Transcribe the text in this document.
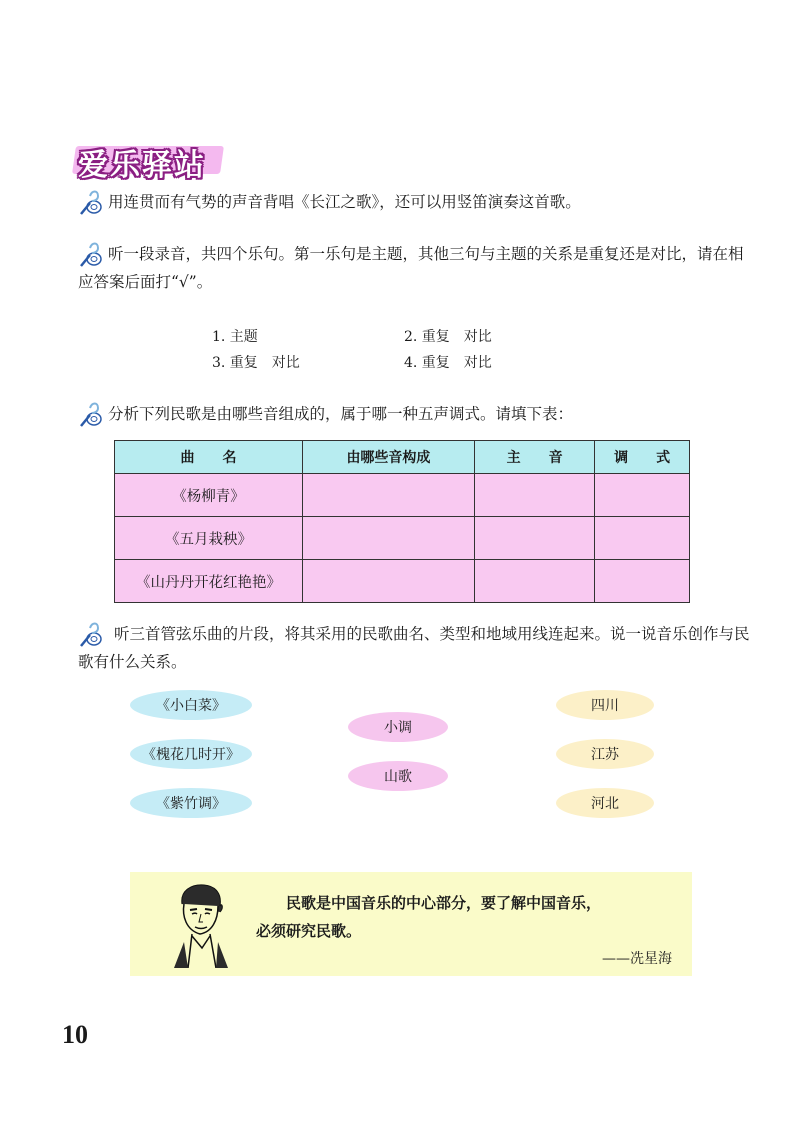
爱乐驿站
用连贯而有气势的声音背唱《长江之歌》，还可以用竖笛演奏这首歌。
听一段录音，共四个乐句。第一乐句是主题，其他三句与主题的关系是重复还是对比，请在相应答案后面打“√”。
1. 主题	2. 重复　对比
3. 重复　对比	4. 重复　对比
分析下列民歌是由哪些音组成的，属于哪一种五声调式。请填下表：
曲　　名	由哪些音构成	主　　音	调　　式
《杨柳青》			
《五月栽秧》			
《山丹丹开花红艳艳》			
听三首管弦乐曲的片段，将其采用的民歌曲名、类型和地域用线连起来。说一说音乐创作与民歌有什么关系。
《小白菜》
《槐花几时开》
《紫竹调》
小调
山歌
四川
江苏
河北
民歌是中国音乐的中心部分，要了解中国音乐，
必须研究民歌。
——冼星海
10
